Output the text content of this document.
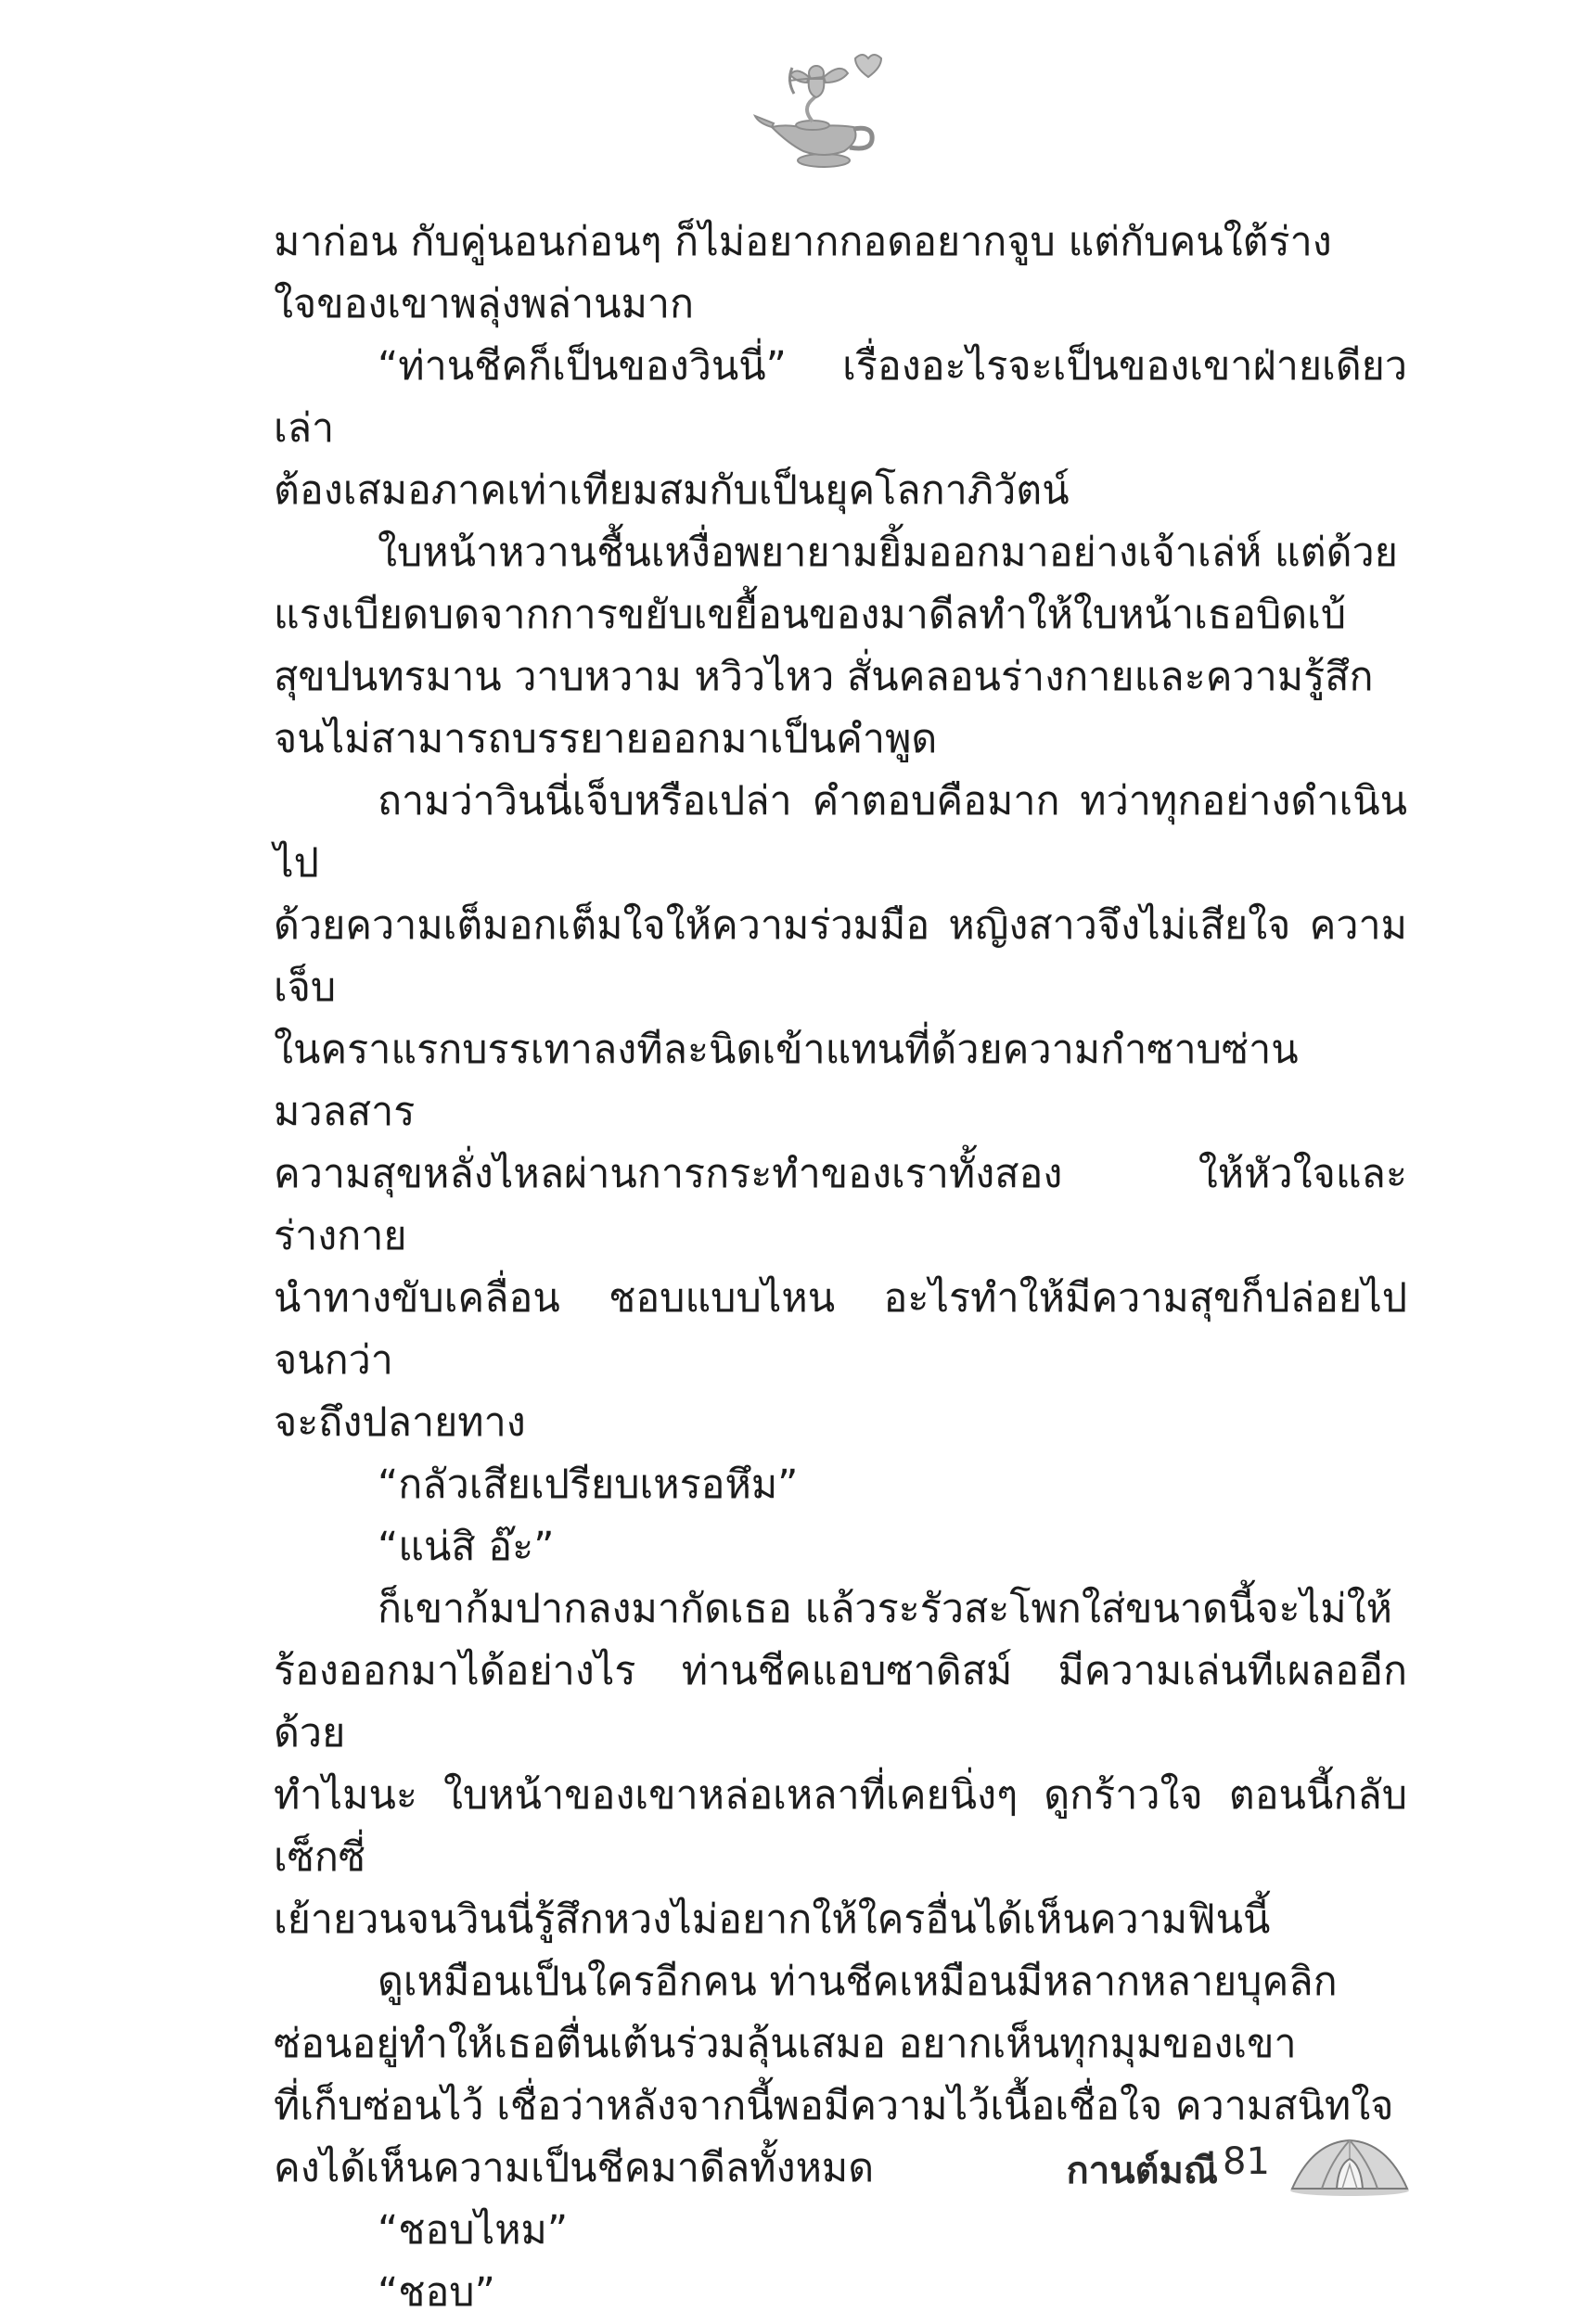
มาก่อน กับคู่นอนก่อนๆ ก็ไม่อยากกอดอยากจูบ แต่กับคนใต้ร่าง
ใจของเขาพลุ่งพล่านมาก

“ท่านชีคก็เป็นของวินนี่” เรื่องอะไรจะเป็นของเขาฝ่ายเดียวเล่า
ต้องเสมอภาคเท่าเทียมสมกับเป็นยุคโลกาภิวัตน์

ใบหน้าหวานชื้นเหงื่อพยายามยิ้มออกมาอย่างเจ้าเล่ห์ แต่ด้วย
แรงเบียดบดจากการขยับเขยื้อนของมาดีลทำให้ใบหน้าเธอบิดเบ้
สุขปนทรมาน วาบหวาม หวิวไหว สั่นคลอนร่างกายและความรู้สึก
จนไม่สามารถบรรยายออกมาเป็นคำพูด

ถามว่าวินนี่เจ็บหรือเปล่า คำตอบคือมาก ทว่าทุกอย่างดำเนินไป
ด้วยความเต็มอกเต็มใจให้ความร่วมมือ หญิงสาวจึงไม่เสียใจ ความเจ็บ
ในคราแรกบรรเทาลงทีละนิดเข้าแทนที่ด้วยความกำซาบซ่าน มวลสาร
ความสุขหลั่งไหลผ่านการกระทำของเราทั้งสอง ให้หัวใจและร่างกาย
นำทางขับเคลื่อน ชอบแบบไหน อะไรทำให้มีความสุขก็ปล่อยไปจนกว่า
จะถึงปลายทาง

“กลัวเสียเปรียบเหรอหึม”

“แน่สิ อ๊ะ”

ก็เขาก้มปากลงมากัดเธอ แล้วระรัวสะโพกใส่ขนาดนี้จะไม่ให้
ร้องออกมาได้อย่างไร ท่านชีคแอบซาดิสม์ มีความเล่นทีเผลออีกด้วย
ทำไมนะ ใบหน้าของเขาหล่อเหลาที่เคยนิ่งๆ ดูกร้าวใจ ตอนนี้กลับเซ็กซี่
เย้ายวนจนวินนี่รู้สึกหวงไม่อยากให้ใครอื่นได้เห็นความฟินนี้

ดูเหมือนเป็นใครอีกคน ท่านชีคเหมือนมีหลากหลายบุคลิก
ซ่อนอยู่ทำให้เธอตื่นเต้นร่วมลุ้นเสมอ อยากเห็นทุกมุมของเขา
ที่เก็บซ่อนไว้ เชื่อว่าหลังจากนี้พอมีความไว้เนื้อเชื่อใจ ความสนิทใจ
คงได้เห็นความเป็นชีคมาดีลทั้งหมด

“ชอบไหม”

“ชอบ”

กานต์มณี 81
